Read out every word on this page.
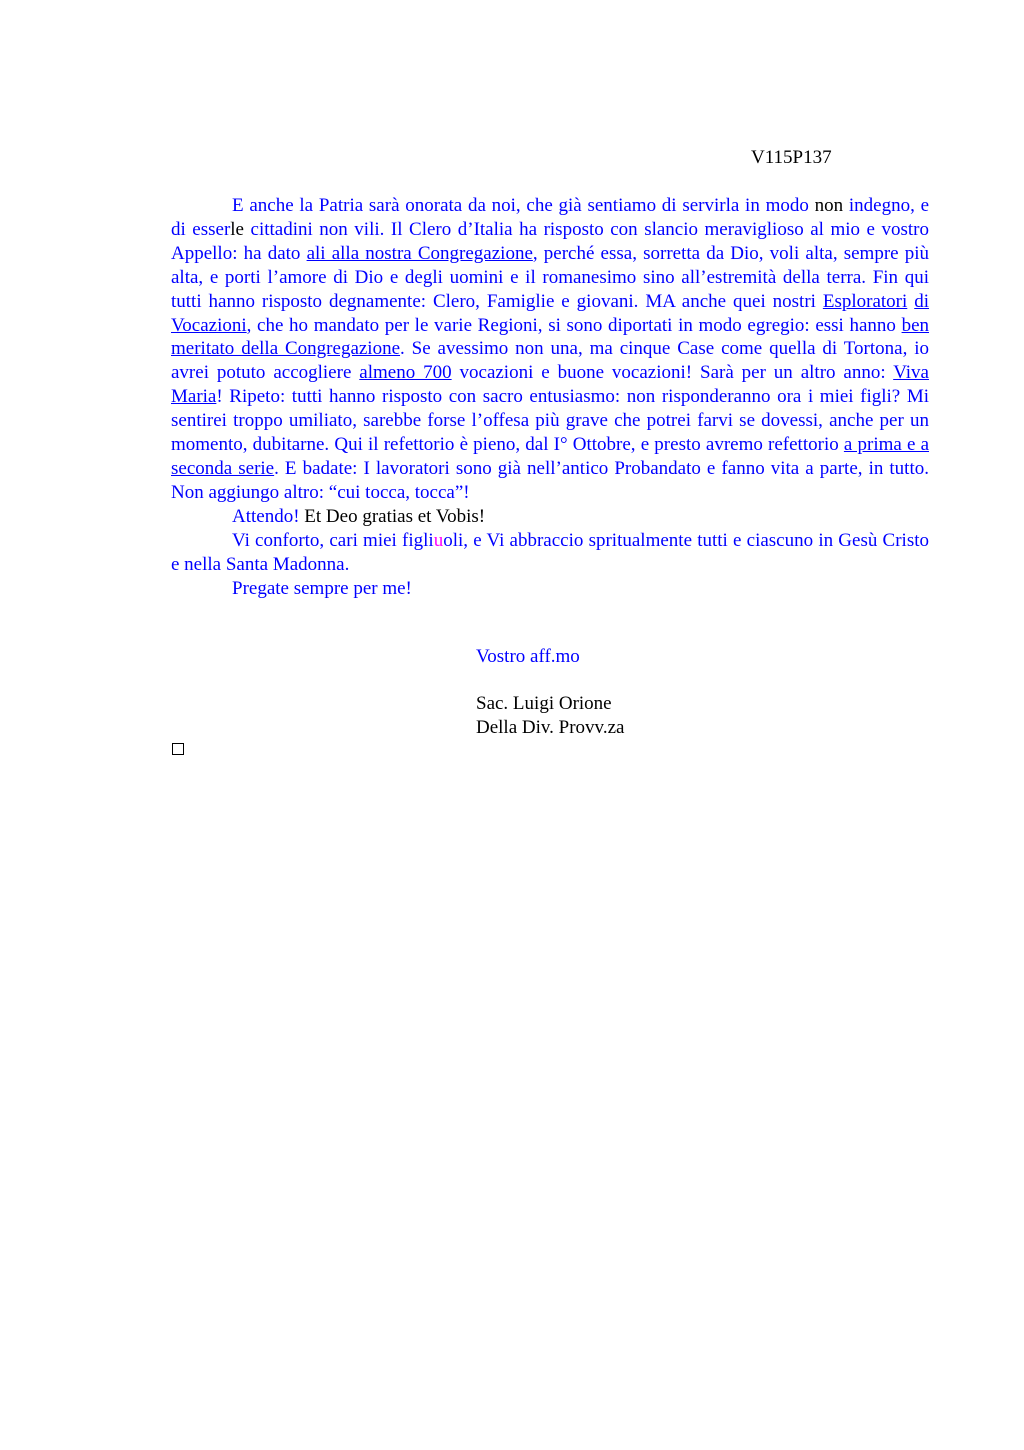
V115P137

E anche la Patria sarà onorata da noi, che già sentiamo di servirla in modo non indegno, e di esserle cittadini non vili. Il Clero d’Italia ha risposto con slancio meraviglioso al mio e vostro Appello: ha dato ali alla nostra Congregazione, perché essa, sorretta da Dio, voli alta, sempre più alta, e porti l’amore di Dio e degli uomini e il romanesimo sino all’estremità della terra. Fin qui tutti hanno risposto degnamente: Clero, Famiglie e giovani. MA anche quei nostri Esploratori di Vocazioni, che ho mandato per le varie Regioni, si sono diportati in modo egregio: essi hanno ben meritato della Congregazione. Se avessimo non una, ma cinque Case come quella di Tortona, io avrei potuto accogliere almeno 700 vocazioni e buone vocazioni! Sarà per un altro anno: Viva Maria! Ripeto: tutti hanno risposto con sacro entusiasmo: non risponderanno ora i miei figli? Mi sentirei troppo umiliato, sarebbe forse l’offesa più grave che potrei farvi se dovessi, anche per un momento, dubitarne. Qui il refettorio è pieno, dal I° Ottobre, e presto avremo refettorio a prima e a seconda serie. E badate: I lavoratori sono già nell’antico Probandato e fanno vita a parte, in tutto. Non aggiungo altro: “cui tocca, tocca”!

Attendo! Et Deo gratias et Vobis!

Vi conforto, cari miei figliuoli, e Vi abbraccio spritualmente tutti e ciascuno in Gesù Cristo e nella Santa Madonna.

Pregate sempre per me!

Vostro aff.mo
Sac. Luigi Orione
Della Div. Provv.za
